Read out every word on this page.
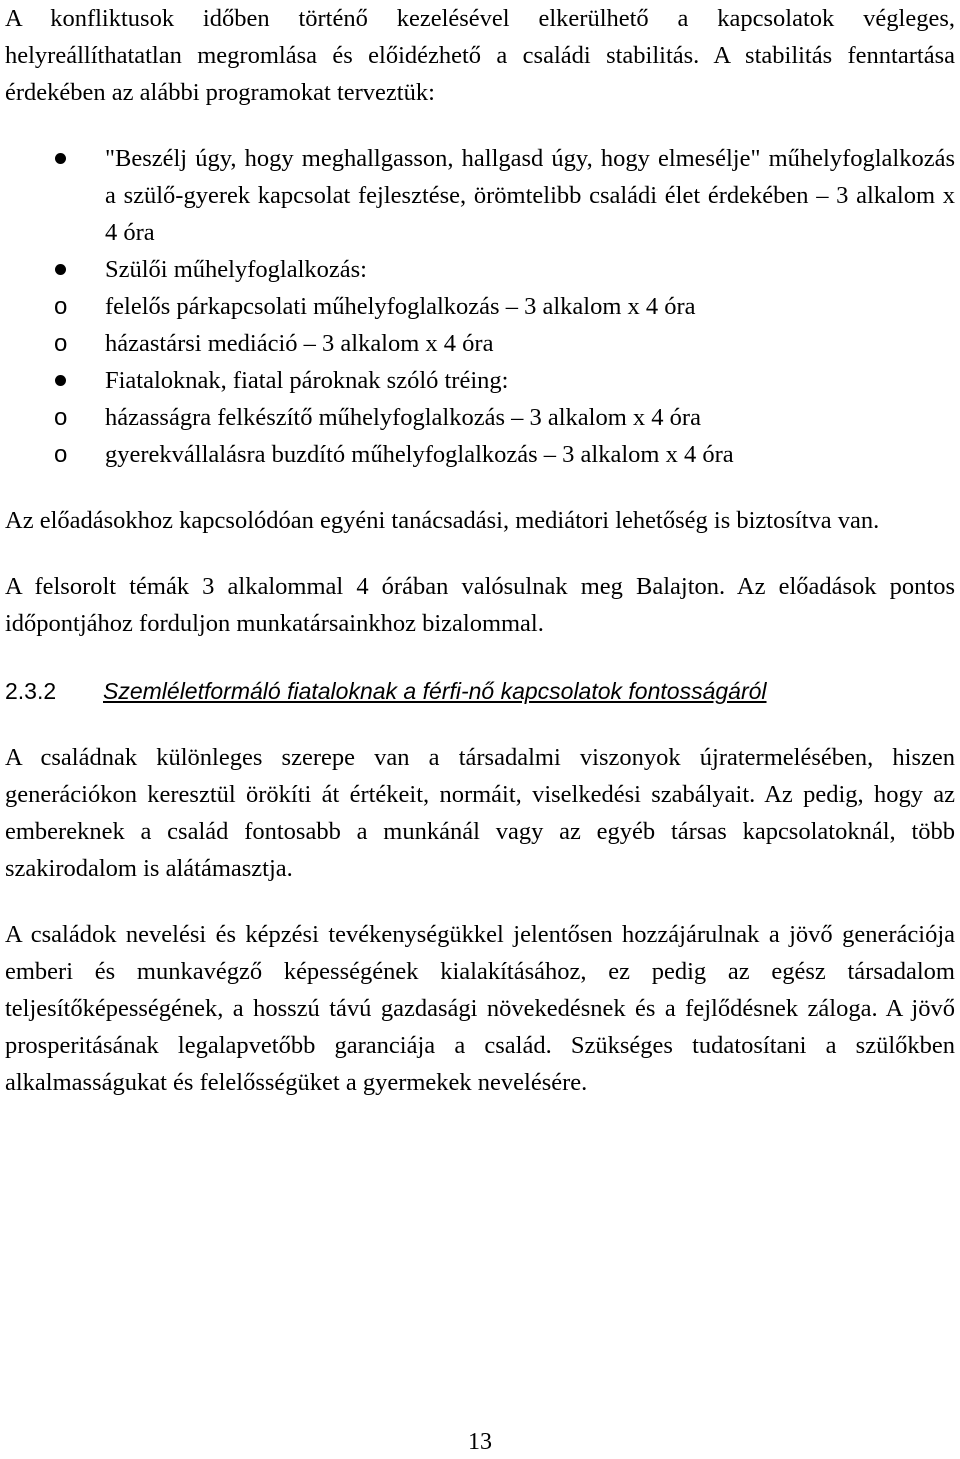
A konfliktusok időben történő kezelésével elkerülhető a kapcsolatok végleges, helyreállíthatatlan megromlása és előidézhető a családi stabilitás. A stabilitás fenntartása érdekében az alábbi programokat terveztük:

"Beszélj úgy, hogy meghallgasson, hallgasd úgy, hogy elmesélje" műhelyfoglalkozás a szülő-gyerek kapcsolat fejlesztése, örömtelibb családi élet érdekében – 3 alkalom x 4 óra
Szülői műhelyfoglalkozás:
o felelős párkapcsolati műhelyfoglalkozás – 3 alkalom x 4 óra
o házastársi mediáció – 3 alkalom x 4 óra
Fiataloknak, fiatal pároknak szóló tréing:
o házasságra felkészítő műhelyfoglalkozás – 3 alkalom x 4 óra
o gyerekvállalásra buzdító műhelyfoglalkozás – 3 alkalom x 4 óra

Az előadásokhoz kapcsolódóan egyéni tanácsadási, mediátori lehetőség is biztosítva van.

A felsorolt témák 3 alkalommal 4 órában valósulnak meg Balajton. Az előadások pontos időpontjához forduljon munkatársainkhoz bizalommal.

2.3.2	Szemléletformáló fiataloknak a férfi-nő kapcsolatok fontosságáról

A családnak különleges szerepe van a társadalmi viszonyok újratermelésében, hiszen generációkon keresztül örökíti át értékeit, normáit, viselkedési szabályait. Az pedig, hogy az embereknek a család fontosabb a munkánál vagy az egyéb társas kapcsolatoknál, több szakirodalom is alátámasztja.

A családok nevelési és képzési tevékenységükkel jelentősen hozzájárulnak a jövő generációja emberi és munkavégző képességének kialakításához, ez pedig az egész társadalom teljesítőképességének, a hosszú távú gazdasági növekedésnek és a fejlődésnek záloga. A jövő prosperitásának legalapvetőbb garanciája a család. Szükséges tudatosítani a szülőkben alkalmasságukat és felelősségüket a gyermekek nevelésére.

13
